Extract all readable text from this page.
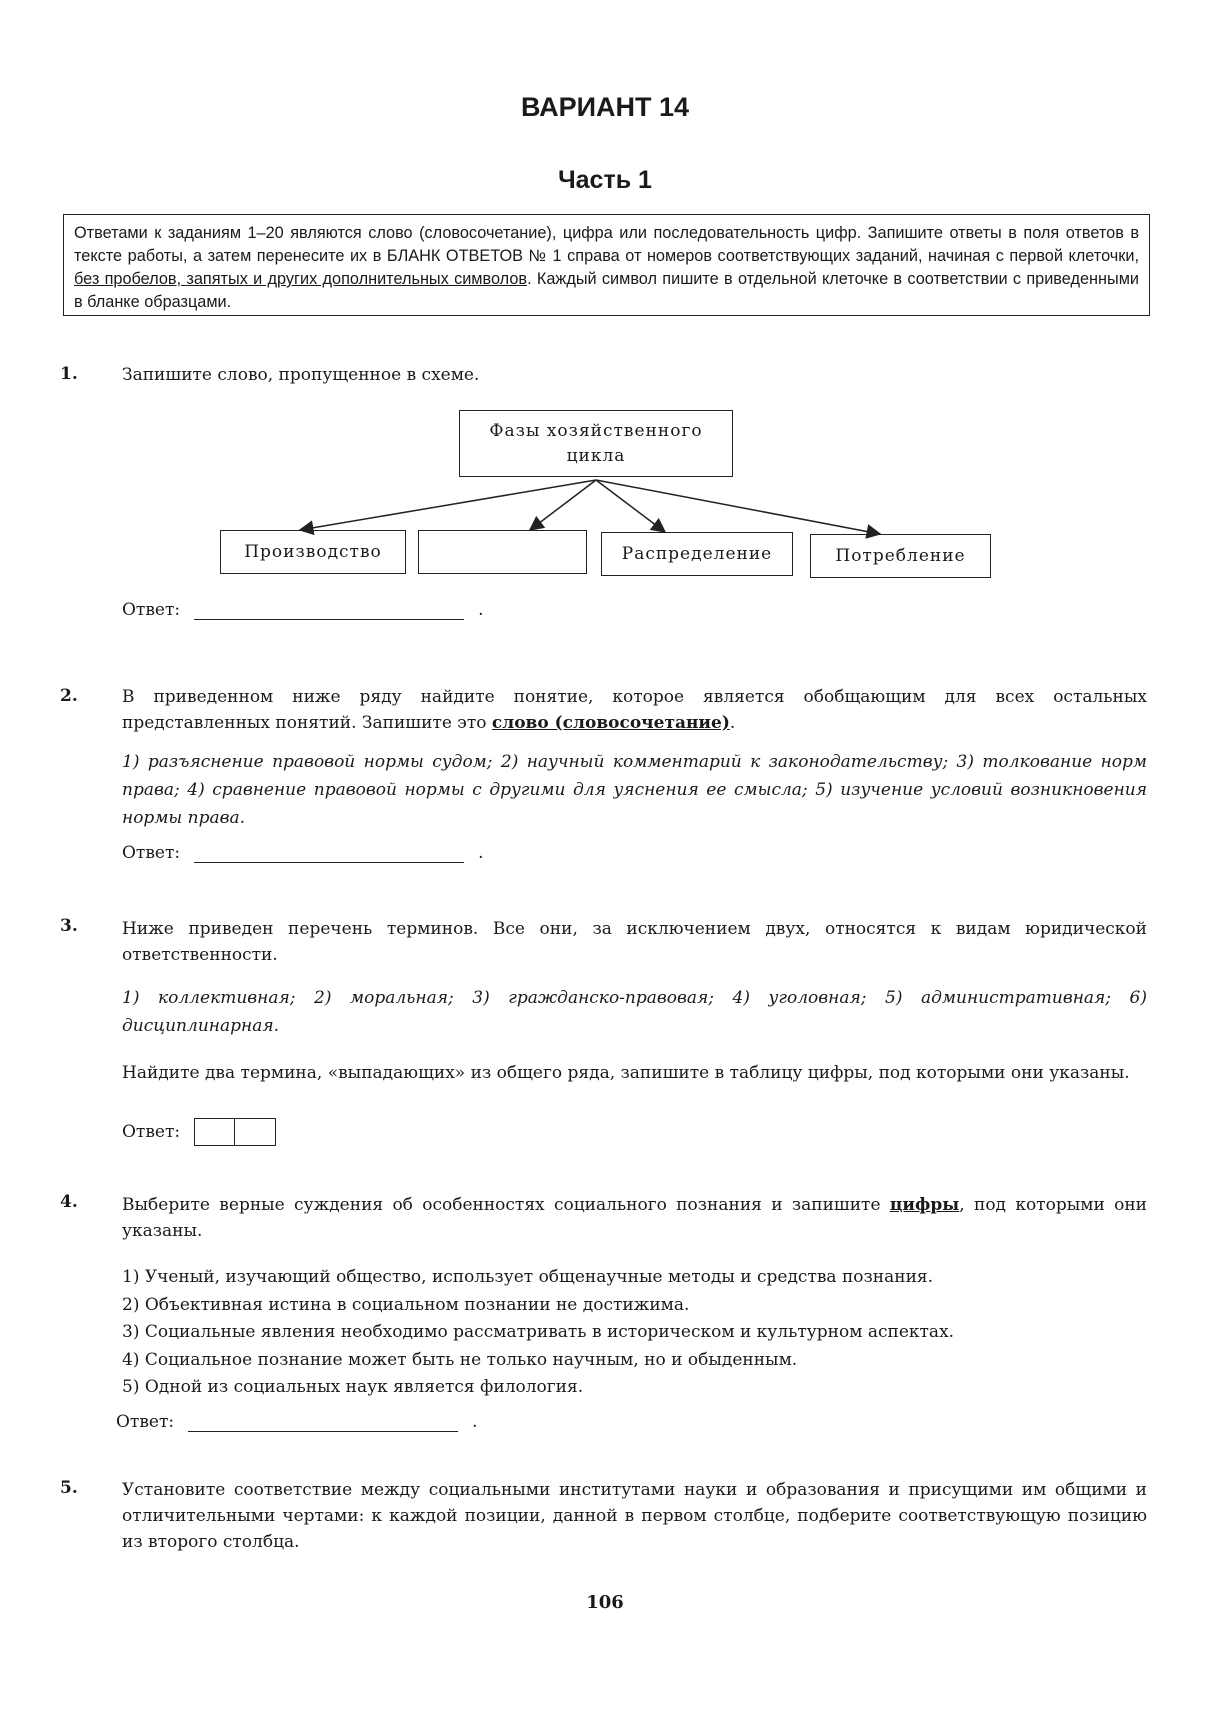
ВАРИАНТ 14
Часть 1
Ответами к заданиям 1–20 являются слово (словосочетание), цифра или последовательность цифр. Запишите ответы в поля ответов в тексте работы, а затем перенесите их в БЛАНК ОТВЕТОВ № 1 справа от номеров соответствующих заданий, начиная с первой клеточки, без пробелов, запятых и других дополнительных символов. Каждый символ пишите в отдельной клеточке в соответствии с приведенными в бланке образцами.
1.	Запишите слово, пропущенное в схеме.
Фазы хозяйственного цикла
Производство	Распределение	Потребление
Ответ:	.
2.	В приведенном ниже ряду найдите понятие, которое является обобщающим для всех остальных представленных понятий. Запишите это слово (словосочетание).
1) разъяснение правовой нормы судом; 2) научный комментарий к законодательству; 3) толкование норм права; 4) сравнение правовой нормы с другими для уяснения ее смысла; 5) изучение условий возникновения нормы права.
Ответ:	.
3.	Ниже приведен перечень терминов. Все они, за исключением двух, относятся к видам юридической ответственности.
1) коллективная; 2) моральная; 3) гражданско-правовая; 4) уголовная; 5) административная; 6) дисциплинарная.
Найдите два термина, «выпадающих» из общего ряда, запишите в таблицу цифры, под которыми они указаны.
Ответ:
4.	Выберите верные суждения об особенностях социального познания и запишите цифры, под которыми они указаны.
1) Ученый, изучающий общество, использует общенаучные методы и средства познания.
2) Объективная истина в социальном познании не достижима.
3) Социальные явления необходимо рассматривать в историческом и культурном аспектах.
4) Социальное познание может быть не только научным, но и обыденным.
5) Одной из социальных наук является филология.
Ответ:	.
5.	Установите соответствие между социальными институтами науки и образования и присущими им общими и отличительными чертами: к каждой позиции, данной в первом столбце, подберите соответствующую позицию из второго столбца.
106
